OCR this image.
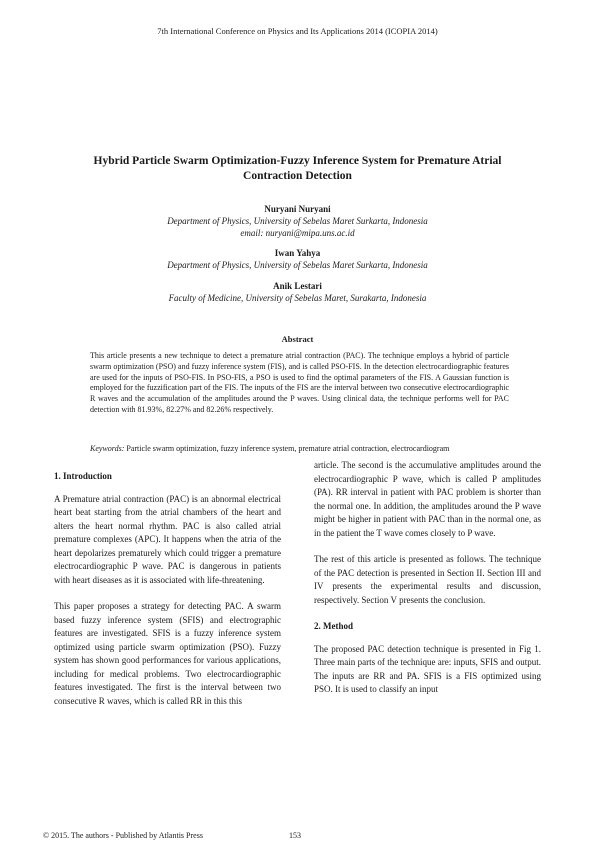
7th International Conference on Physics and Its Applications 2014 (ICOPIA 2014)
Hybrid Particle Swarm Optimization-Fuzzy Inference System for Premature Atrial
Contraction Detection
Nuryani Nuryani
Department of Physics, University of Sebelas Maret Surkarta, Indonesia
email: nuryani@mipa.uns.ac.id
Iwan Yahya
Department of Physics, University of Sebelas Maret Surkarta, Indonesia
Anik Lestari
Faculty of Medicine, University of Sebelas Maret, Surakarta, Indonesia
Abstract
This article presents a new technique to detect a premature atrial contraction (PAC). The technique employs a hybrid of particle swarm optimization (PSO) and fuzzy inference system (FIS), and is called PSO-FIS. In the detection electrocardiographic features are used for the inputs of PSO-FIS. In PSO-FIS, a PSO is used to find the optimal parameters of the FIS. A Gaussian function is employed for the fuzzification part of the FIS. The inputs of the FIS are the interval between two consecutive electrocardiographic R waves and the accumulation of the amplitudes around the P waves. Using clinical data, the technique performs well for PAC detection with 81.93%, 82.27% and 82.26% respectively.
Keywords: Particle swarm optimization, fuzzy inference system, premature atrial contraction, electrocardiogram
1. Introduction

A Premature atrial contraction (PAC) is an abnormal electrical heart beat starting from the atrial chambers of the heart and alters the heart normal rhythm. PAC is also called atrial premature complexes (APC). It happens when the atria of the heart depolarizes prematurely which could trigger a premature electrocardiographic P wave. PAC is dangerous in patients with heart diseases as it is associated with life-threatening.

This paper proposes a strategy for detecting PAC. A swarm based fuzzy inference system (SFIS) and electrographic features are investigated. SFIS is a fuzzy inference system optimized using particle swarm optimization (PSO). Fuzzy system has shown good performances for various applications, including for medical problems. Two electrocardiographic features investigated. The first is the interval between two consecutive R waves, which is called RR in this this

article. The second is the accumulative amplitudes around the electrocardiographic P wave, which is called P amplitudes (PA). RR interval in patient with PAC problem is shorter than the normal one. In addition, the amplitudes around the P wave might be higher in patient with PAC than in the normal one, as in the patient the T wave comes closely to P wave.

The rest of this article is presented as follows. The technique of the PAC detection is presented in Section II. Section III and IV presents the experimental results and discussion, respectively. Section V presents the conclusion.

2. Method

The proposed PAC detection technique is presented in Fig 1. Three main parts of the technique are: inputs, SFIS and output. The inputs are RR and PA. SFIS is a FIS optimized using PSO. It is used to classify an input

© 2015. The authors - Published by Atlantis Press	153
